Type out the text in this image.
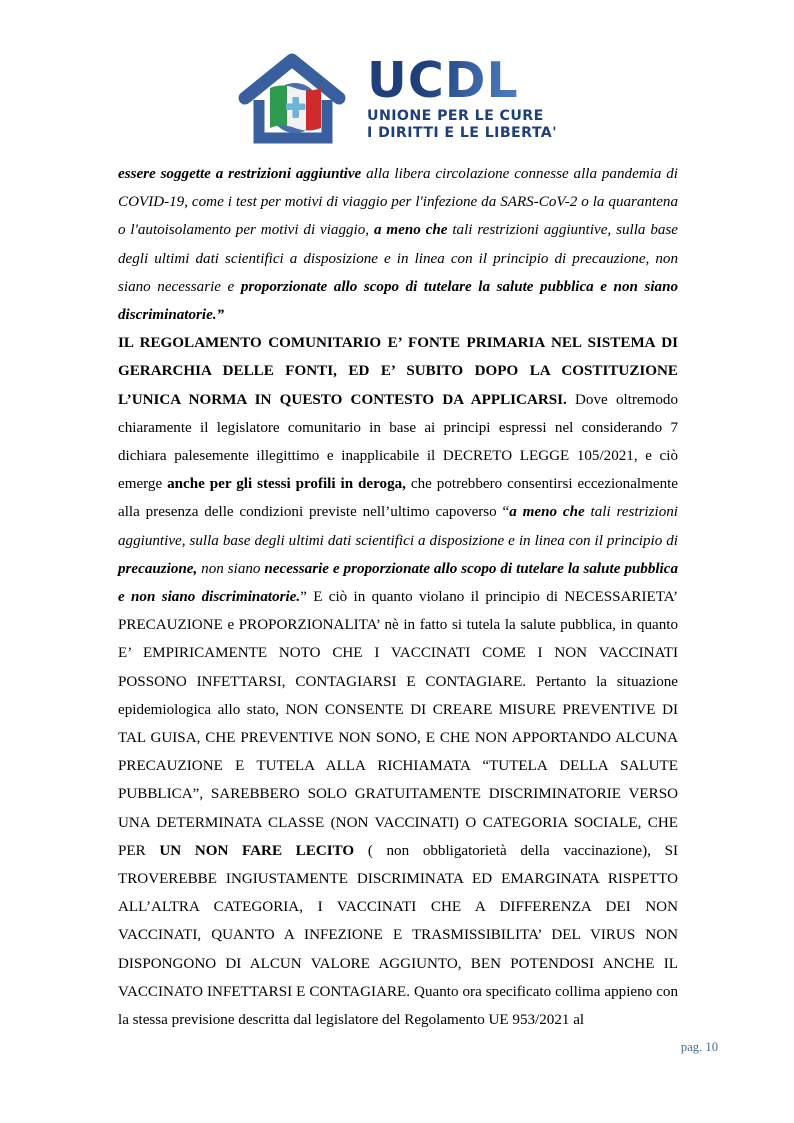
UCDL
UNIONE PER LE CURE
I DIRITTI E LE LIBERTA'

essere soggette a restrizioni aggiuntive alla libera circolazione connesse alla pandemia di COVID-19, come i test per motivi di viaggio per l'infezione da SARS-CoV-2 o la quarantena o l'autoisolamento per motivi di viaggio, a meno che tali restrizioni aggiuntive, sulla base degli ultimi dati scientifici a disposizione e in linea con il principio di precauzione, non siano necessarie e proporzionate allo scopo di tutelare la salute pubblica e non siano discriminatorie.”

IL REGOLAMENTO COMUNITARIO E’ FONTE PRIMARIA NEL SISTEMA DI GERARCHIA DELLE FONTI, ED E’ SUBITO DOPO LA COSTITUZIONE L’UNICA NORMA IN QUESTO CONTESTO DA APPLICARSI. Dove oltremodo chiaramente il legislatore comunitario in base ai principi espressi nel considerando 7 dichiara palesemente illegittimo e inapplicabile il DECRETO LEGGE 105/2021, e ciò emerge anche per gli stessi profili in deroga, che potrebbero consentirsi eccezionalmente alla presenza delle condizioni previste nell’ultimo capoverso “a meno che tali restrizioni aggiuntive, sulla base degli ultimi dati scientifici a disposizione e in linea con il principio di precauzione, non siano necessarie e proporzionate allo scopo di tutelare la salute pubblica e non siano discriminatorie.” E ciò in quanto violano il principio di NECESSARIETA’ PRECAUZIONE e PROPORZIONALITA’ nè in fatto si tutela la salute pubblica, in quanto E’ EMPIRICAMENTE NOTO CHE I VACCINATI COME I NON VACCINATI POSSONO INFETTARSI, CONTAGIARSI E CONTAGIARE. Pertanto la situazione epidemiologica allo stato, NON CONSENTE DI CREARE MISURE PREVENTIVE DI TAL GUISA, CHE PREVENTIVE NON SONO, E CHE NON APPORTANDO ALCUNA PRECAUZIONE E TUTELA ALLA RICHIAMATA “TUTELA DELLA SALUTE PUBBLICA”, SAREBBERO SOLO GRATUITAMENTE DISCRIMINATORIE VERSO UNA DETERMINATA CLASSE (NON VACCINATI) O CATEGORIA SOCIALE, CHE PER UN NON FARE LECITO ( non obbligatorietà della vaccinazione), SI TROVEREBBE INGIUSTAMENTE DISCRIMINATA ED EMARGINATA RISPETTO ALL’ALTRA CATEGORIA, I VACCINATI CHE A DIFFERENZA DEI NON VACCINATI, QUANTO A INFEZIONE E TRASMISSIBILITA’ DEL VIRUS NON DISPONGONO DI ALCUN VALORE AGGIUNTO, BEN POTENDOSI ANCHE IL VACCINATO INFETTARSI E CONTAGIARE. Quanto ora specificato collima appieno con la stessa previsione descritta dal legislatore del Regolamento UE 953/2021 al

pag. 10
